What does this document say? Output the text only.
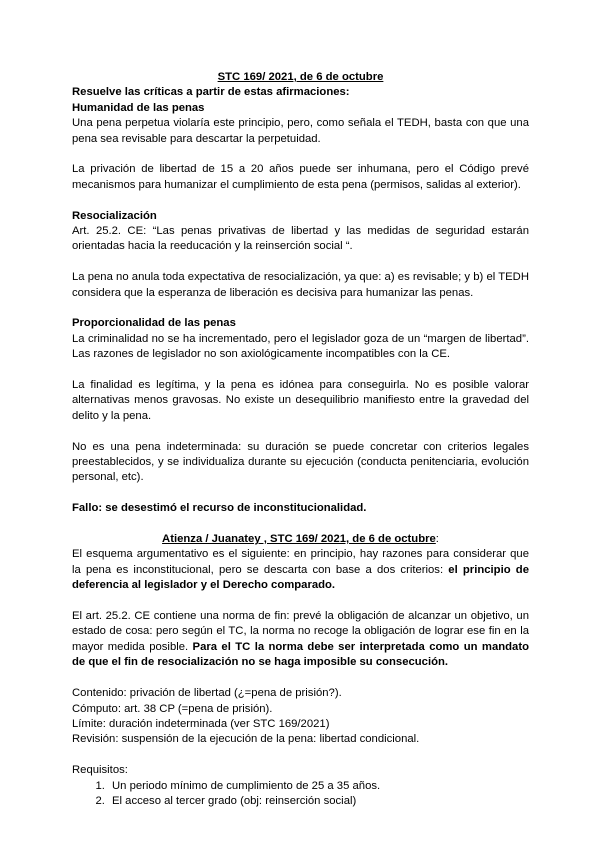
STC 169/ 2021, de 6 de octubre

Resuelve las críticas a partir de estas afirmaciones:

Humanidad de las penas

Una pena perpetua violaría este principio, pero, como señala el TEDH, basta con que una pena sea revisable para descartar la perpetuidad.

La privación de libertad de 15 a 20 años puede ser inhumana, pero el Código prevé mecanismos para humanizar el cumplimiento de esta pena (permisos, salidas al exterior).

Resocialización

Art. 25.2. CE: “Las penas privativas de libertad y las medidas de seguridad estarán orientadas hacia la reeducación y la reinserción social “.

La pena no anula toda expectativa de resocialización, ya que: a) es revisable; y b) el TEDH considera que la esperanza de liberación es decisiva para humanizar las penas.

Proporcionalidad de las penas

La criminalidad no se ha incrementado, pero el legislador goza de un “margen de libertad”. Las razones de legislador no son axiológicamente incompatibles con la CE.

La finalidad es legítima, y la pena es idónea para conseguirla. No es posible valorar alternativas menos gravosas. No existe un desequilibrio manifiesto entre la gravedad del delito y la pena.

No es una pena indeterminada: su duración se puede concretar con criterios legales preestablecidos, y se individualiza durante su ejecución (conducta penitenciaria, evolución personal, etc).

Fallo: se desestimó el recurso de inconstitucionalidad.

Atienza / Juanatey , STC 169/ 2021, de 6 de octubre:

El esquema argumentativo es el siguiente: en principio, hay razones para considerar que la pena es inconstitucional, pero se descarta con base a dos criterios: el principio de deferencia al legislador y el Derecho comparado.

El art. 25.2. CE contiene una norma de fin: prevé la obligación de alcanzar un objetivo, un estado de cosa: pero según el TC, la norma no recoge la obligación de lograr ese fin en la mayor medida posible. Para el TC la norma debe ser interpretada como un mandato de que el fin de resocialización no se haga imposible su consecución.

Contenido: privación de libertad (¿=pena de prisión?).

Cómputo: art. 38 CP (=pena de prisión).

Límite: duración indeterminada (ver STC 169/2021)

Revisión: suspensión de la ejecución de la pena: libertad condicional.

Requisitos:

1. Un periodo mínimo de cumplimiento de 25 a 35 años.
2. El acceso al tercer grado (obj: reinserción social)
